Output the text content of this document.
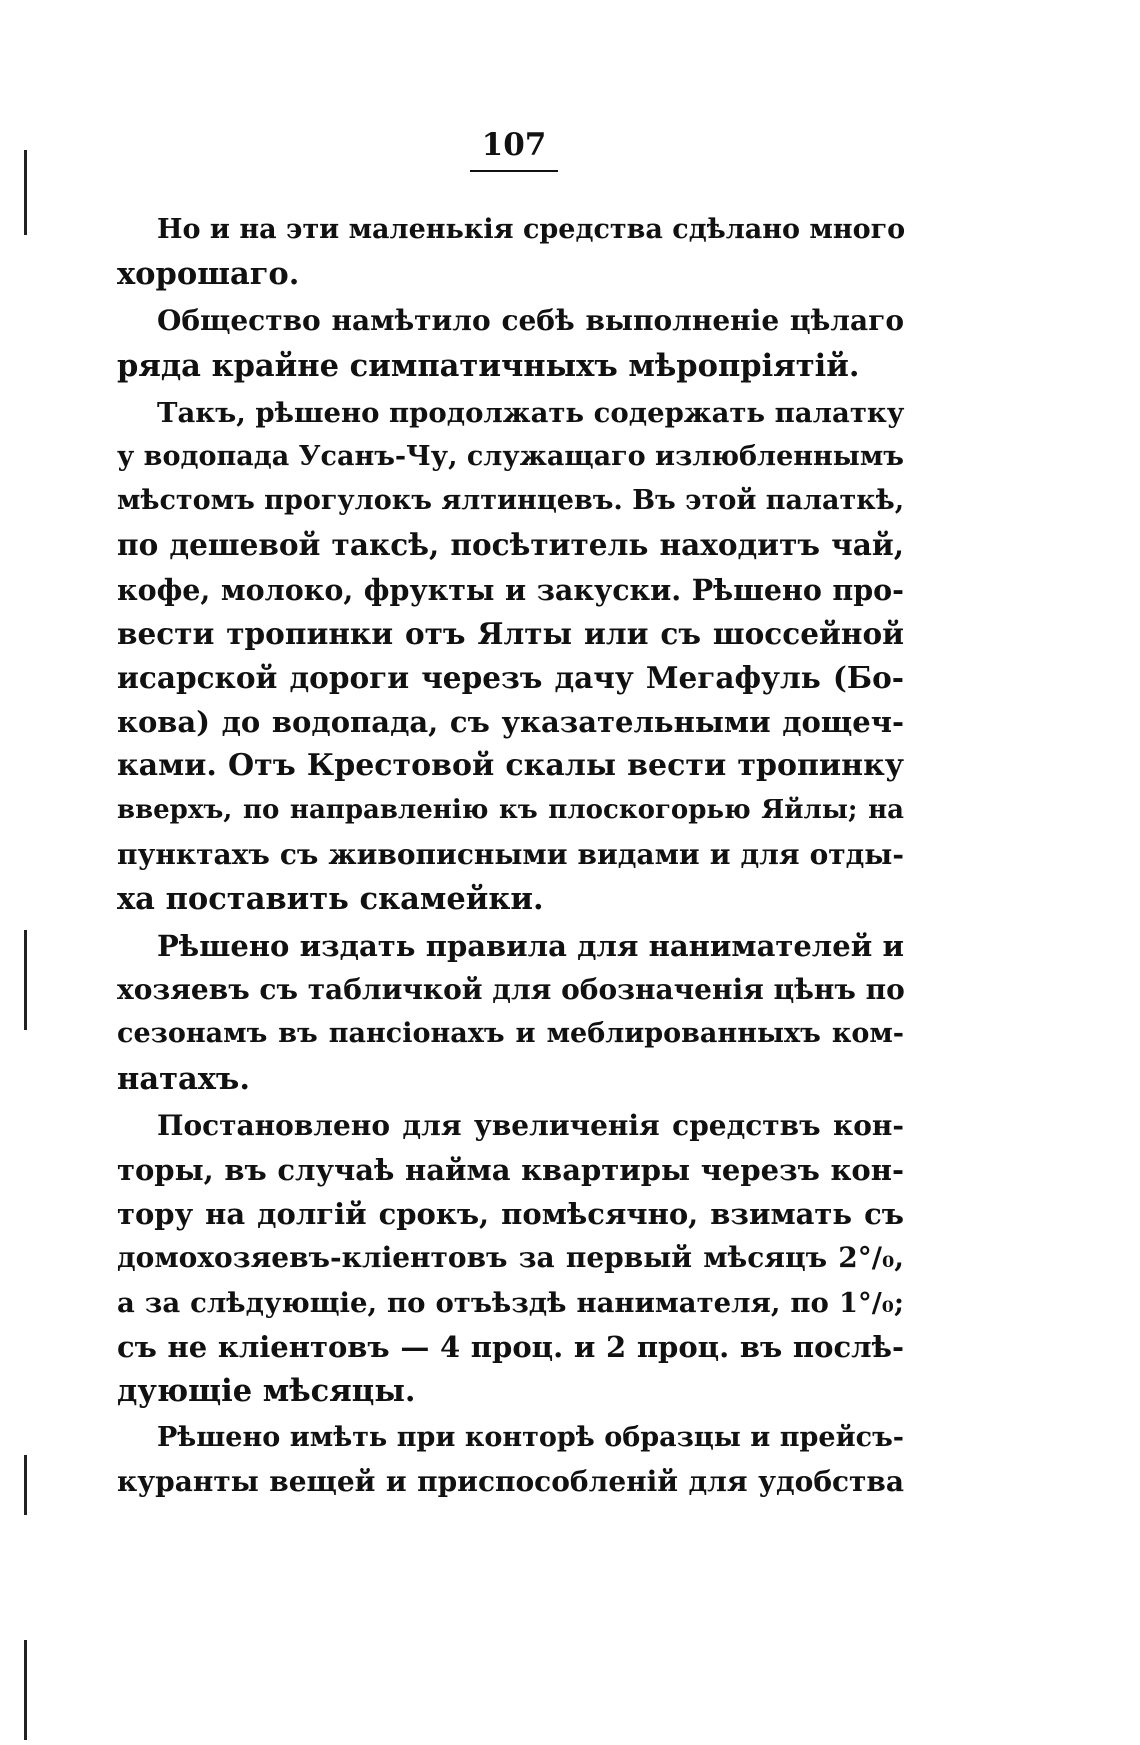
107
Но и на эти маленькія средства сдѣлано много
хорошаго.
Общество намѣтило себѣ выполненіе цѣлаго
ряда крайне симпатичныхъ мѣропріятій.
Такъ, рѣшено продолжать содержать палатку
у водопада Усанъ-Чу, служащаго излюбленнымъ
мѣстомъ прогулокъ ялтинцевъ. Въ этой палаткѣ,
по дешевой таксѣ, посѣтитель находитъ чай,
кофе, молоко, фрукты и закуски. Рѣшено про-
вести тропинки отъ Ялты или съ шоссейной
исарской дороги черезъ дачу Мегафуль (Бо-
кова) до водопада, съ указательными дощеч-
ками. Отъ Крестовой скалы вести тропинку
вверхъ, по направленію къ плоскогорью Яйлы; на
пунктахъ съ живописными видами и для отды-
ха поставить скамейки.
Рѣшено издать правила для нанимателей и
хозяевъ съ табличкой для обозначенія цѣнъ по
сезонамъ въ пансіонахъ и меблированныхъ ком-
натахъ.
Постановлено для увеличенія средствъ кон-
торы, въ случаѣ найма квартиры черезъ кон-
тору на долгій срокъ, помѣсячно, взимать съ
домохозяевъ-кліентовъ за первый мѣсяцъ 2°/₀,
а за слѣдующіе, по отъѣздѣ нанимателя, по 1°/₀;
съ не кліентовъ — 4 проц. и 2 проц. въ послѣ-
дующіе мѣсяцы.
Рѣшено имѣть при конторѣ образцы и прейсъ-
куранты вещей и приспособленій для удобства
